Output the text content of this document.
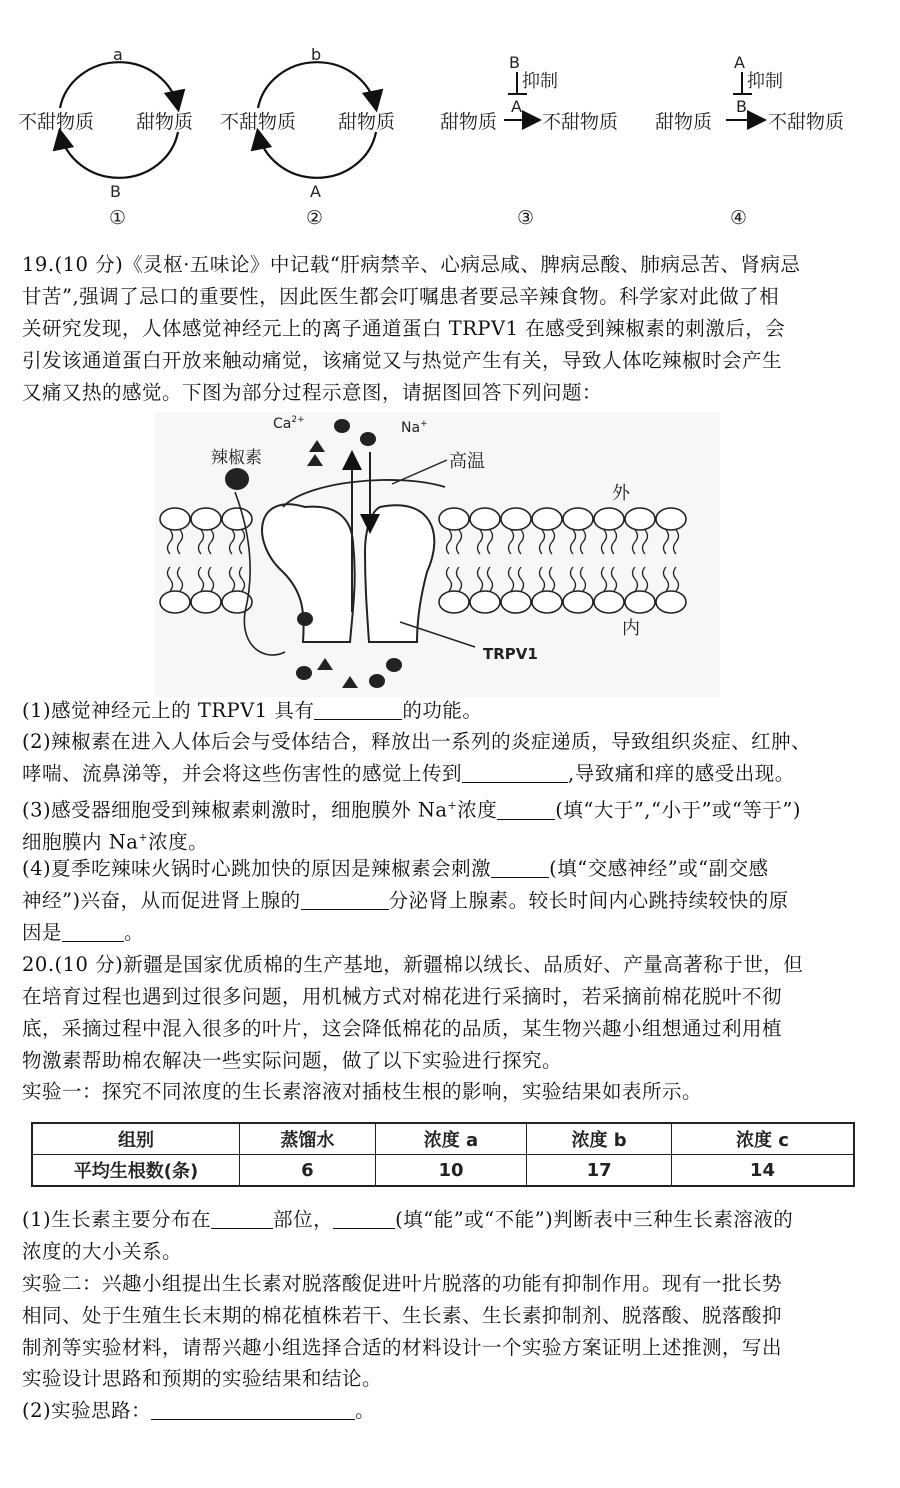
a
B
不甜物质 甜物质
①
b
A
不甜物质 甜物质
②
B
抑制
A
甜物质 不甜物质
③
A
抑制
B
甜物质	不甜物质
④
19.(10 分)《灵枢·五味论》中记载“肝病禁辛、心病忌咸、脾病忌酸、肺病忌苦、肾病忌
甘苦”,强调了忌口的重要性，因此医生都会叮嘱患者要忌辛辣食物。科学家对此做了相
关研究发现，人体感觉神经元上的离子通道蛋白 TRPV1 在感受到辣椒素的刺激后，会
引发该通道蛋白开放来触动痛觉，该痛觉又与热觉产生有关，导致人体吃辣椒时会产生
又痛又热的感觉。下图为部分过程示意图，请据图回答下列问题：
$Ca^{2+}$	Na+
辣椒素	高温
外
内
TRPV1
(1)感觉神经元上的 TRPV1 具有	的功能。
(2)辣椒素在进入人体后会与受体结合，释放出一系列的炎症递质，导致组织炎症、红肿、
哮喘、流鼻涕等，并会将这些伤害性的感觉上传到	,导致痛和痒的感受出现。
(3)感受器细胞受到辣椒素刺激时，细胞膜外 Na+浓度	(填“大于”,“小于”或“等于”)
细胞膜内 Na+浓度。
(4)夏季吃辣味火锅时心跳加快的原因是辣椒素会刺激	(填“交感神经”或“副交感
神经”)兴奋，从而促进肾上腺的	分泌肾上腺素。较长时间内心跳持续较快的原
因是	。
20.(10 分)新疆是国家优质棉的生产基地，新疆棉以绒长、品质好、产量高著称于世，但
在培育过程也遇到过很多问题，用机械方式对棉花进行采摘时，若采摘前棉花脱叶不彻
底，采摘过程中混入很多的叶片，这会降低棉花的品质，某生物兴趣小组想通过利用植
物激素帮助棉农解决一些实际问题，做了以下实验进行探究。
实验一：探究不同浓度的生长素溶液对插枝生根的影响，实验结果如表所示。
组别	蒸馏水	浓度 a	浓度 b	浓度 c
平均生根数(条)	6	10	17	14
(1)生长素主要分布在	部位，	(填“能”或“不能”)判断表中三种生长素溶液的
浓度的大小关系。
实验二：兴趣小组提出生长素对脱落酸促进叶片脱落的功能有抑制作用。现有一批长势
相同、处于生殖生长末期的棉花植株若干、生长素、生长素抑制剂、脱落酸、脱落酸抑
制剂等实验材料，请帮兴趣小组选择合适的材料设计一个实验方案证明上述推测，写出
实验设计思路和预期的实验结果和结论。
(2)实验思路：	。
